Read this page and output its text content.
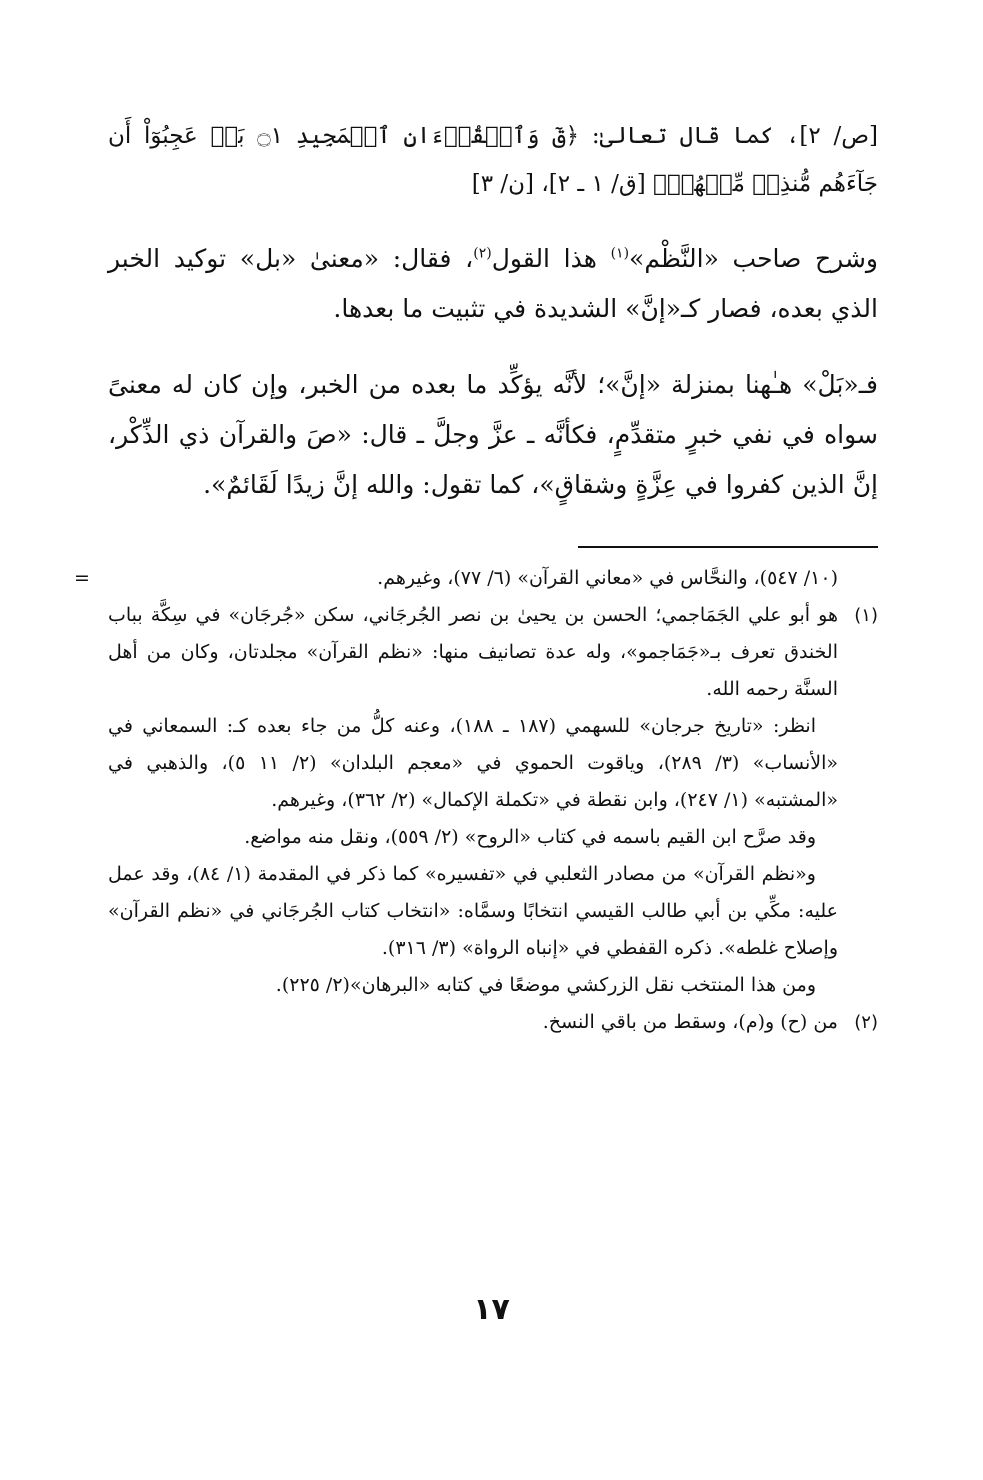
[ص/ ٢]، كما قال تعالىٰ: ﴿قٓ وَٱلۡقُرۡءَانِ ٱلۡمَجِيدِ ۝١ بَلۡ عَجِبُوٓاْ أَن جَآءَهُم مُّنذِرٞ مِّنۡهُمۡ﴾ [ق/ ١ ـ ٢]، [ن/ ٣]

وشرح صاحب «النَّظْم»$^{(١)}$ هذا القول$^{(٢)}$، فقال: «معنىٰ «بل» توكيد الخبر الذي بعده، فصار كـ«إنَّ» الشديدة في تثبيت ما بعدها.

فـ«بَلْ» هـٰهنا بمنزلة «إنَّ»؛ لأنَّه يؤكِّد ما بعده من الخبر، وإن كان له معنىً سواه في نفي خبرٍ متقدِّمٍ، فكأنَّه ـ عزَّ وجلَّ ـ قال: «صَ والقرآن ذي الذِّكْر، إنَّ الذين كفروا في عِزَّةٍ وشقاقٍ»، كما تقول: والله إنَّ زيدًا لَقَائمٌ».

=	(١٠/ ٥٤٧)، والنحَّاس في «معاني القرآن» (٦/ ٧٧)، وغيرهم.

(١)

هو أبو علي الجَمَاجمي؛ الحسن بن يحيىٰ بن نصر الجُرجَاني، سكن «جُرجَان» في سِكَّة بباب الخندق تعرف بـ«جَمَاجمو»، وله عدة تصانيف منها: «نظم القرآن» مجلدتان، وكان من أهل السنَّة رحمه الله.

انظر: «تاريخ جرجان» للسهمي (١٨٧ ـ ١٨٨)، وعنه كلُّ من جاء بعده كـ: السمعاني في «الأنساب» (٣/ ٢٨٩)، وياقوت الحموي في «معجم البلدان» (٢/ ١١ ٥)، والذهبي في «المشتبه» (١/ ٢٤٧)، وابن نقطة في «تكملة الإكمال» (٢/ ٣٦٢)، وغيرهم.

وقد صرَّح ابن القيم باسمه في كتاب «الروح» (٢/ ٥٥٩)، ونقل منه مواضع.

و«نظم القرآن» من مصادر الثعلبي في «تفسيره» كما ذكر في المقدمة (١/ ٨٤)، وقد عمل عليه: مكِّي بن أبي طالب القيسي انتخابًا وسمَّاه: «انتخاب كتاب الجُرجَاني في «نظم القرآن» وإصلاح غلطه». ذكره القفطي في «إنباه الرواة» (٣/ ٣١٦).

ومن هذا المنتخب نقل الزركشي موضعًا في كتابه «البرهان»(٢/ ٢٢٥).

(٢)

من (ح) و(م)، وسقط من باقي النسخ.

١٧
